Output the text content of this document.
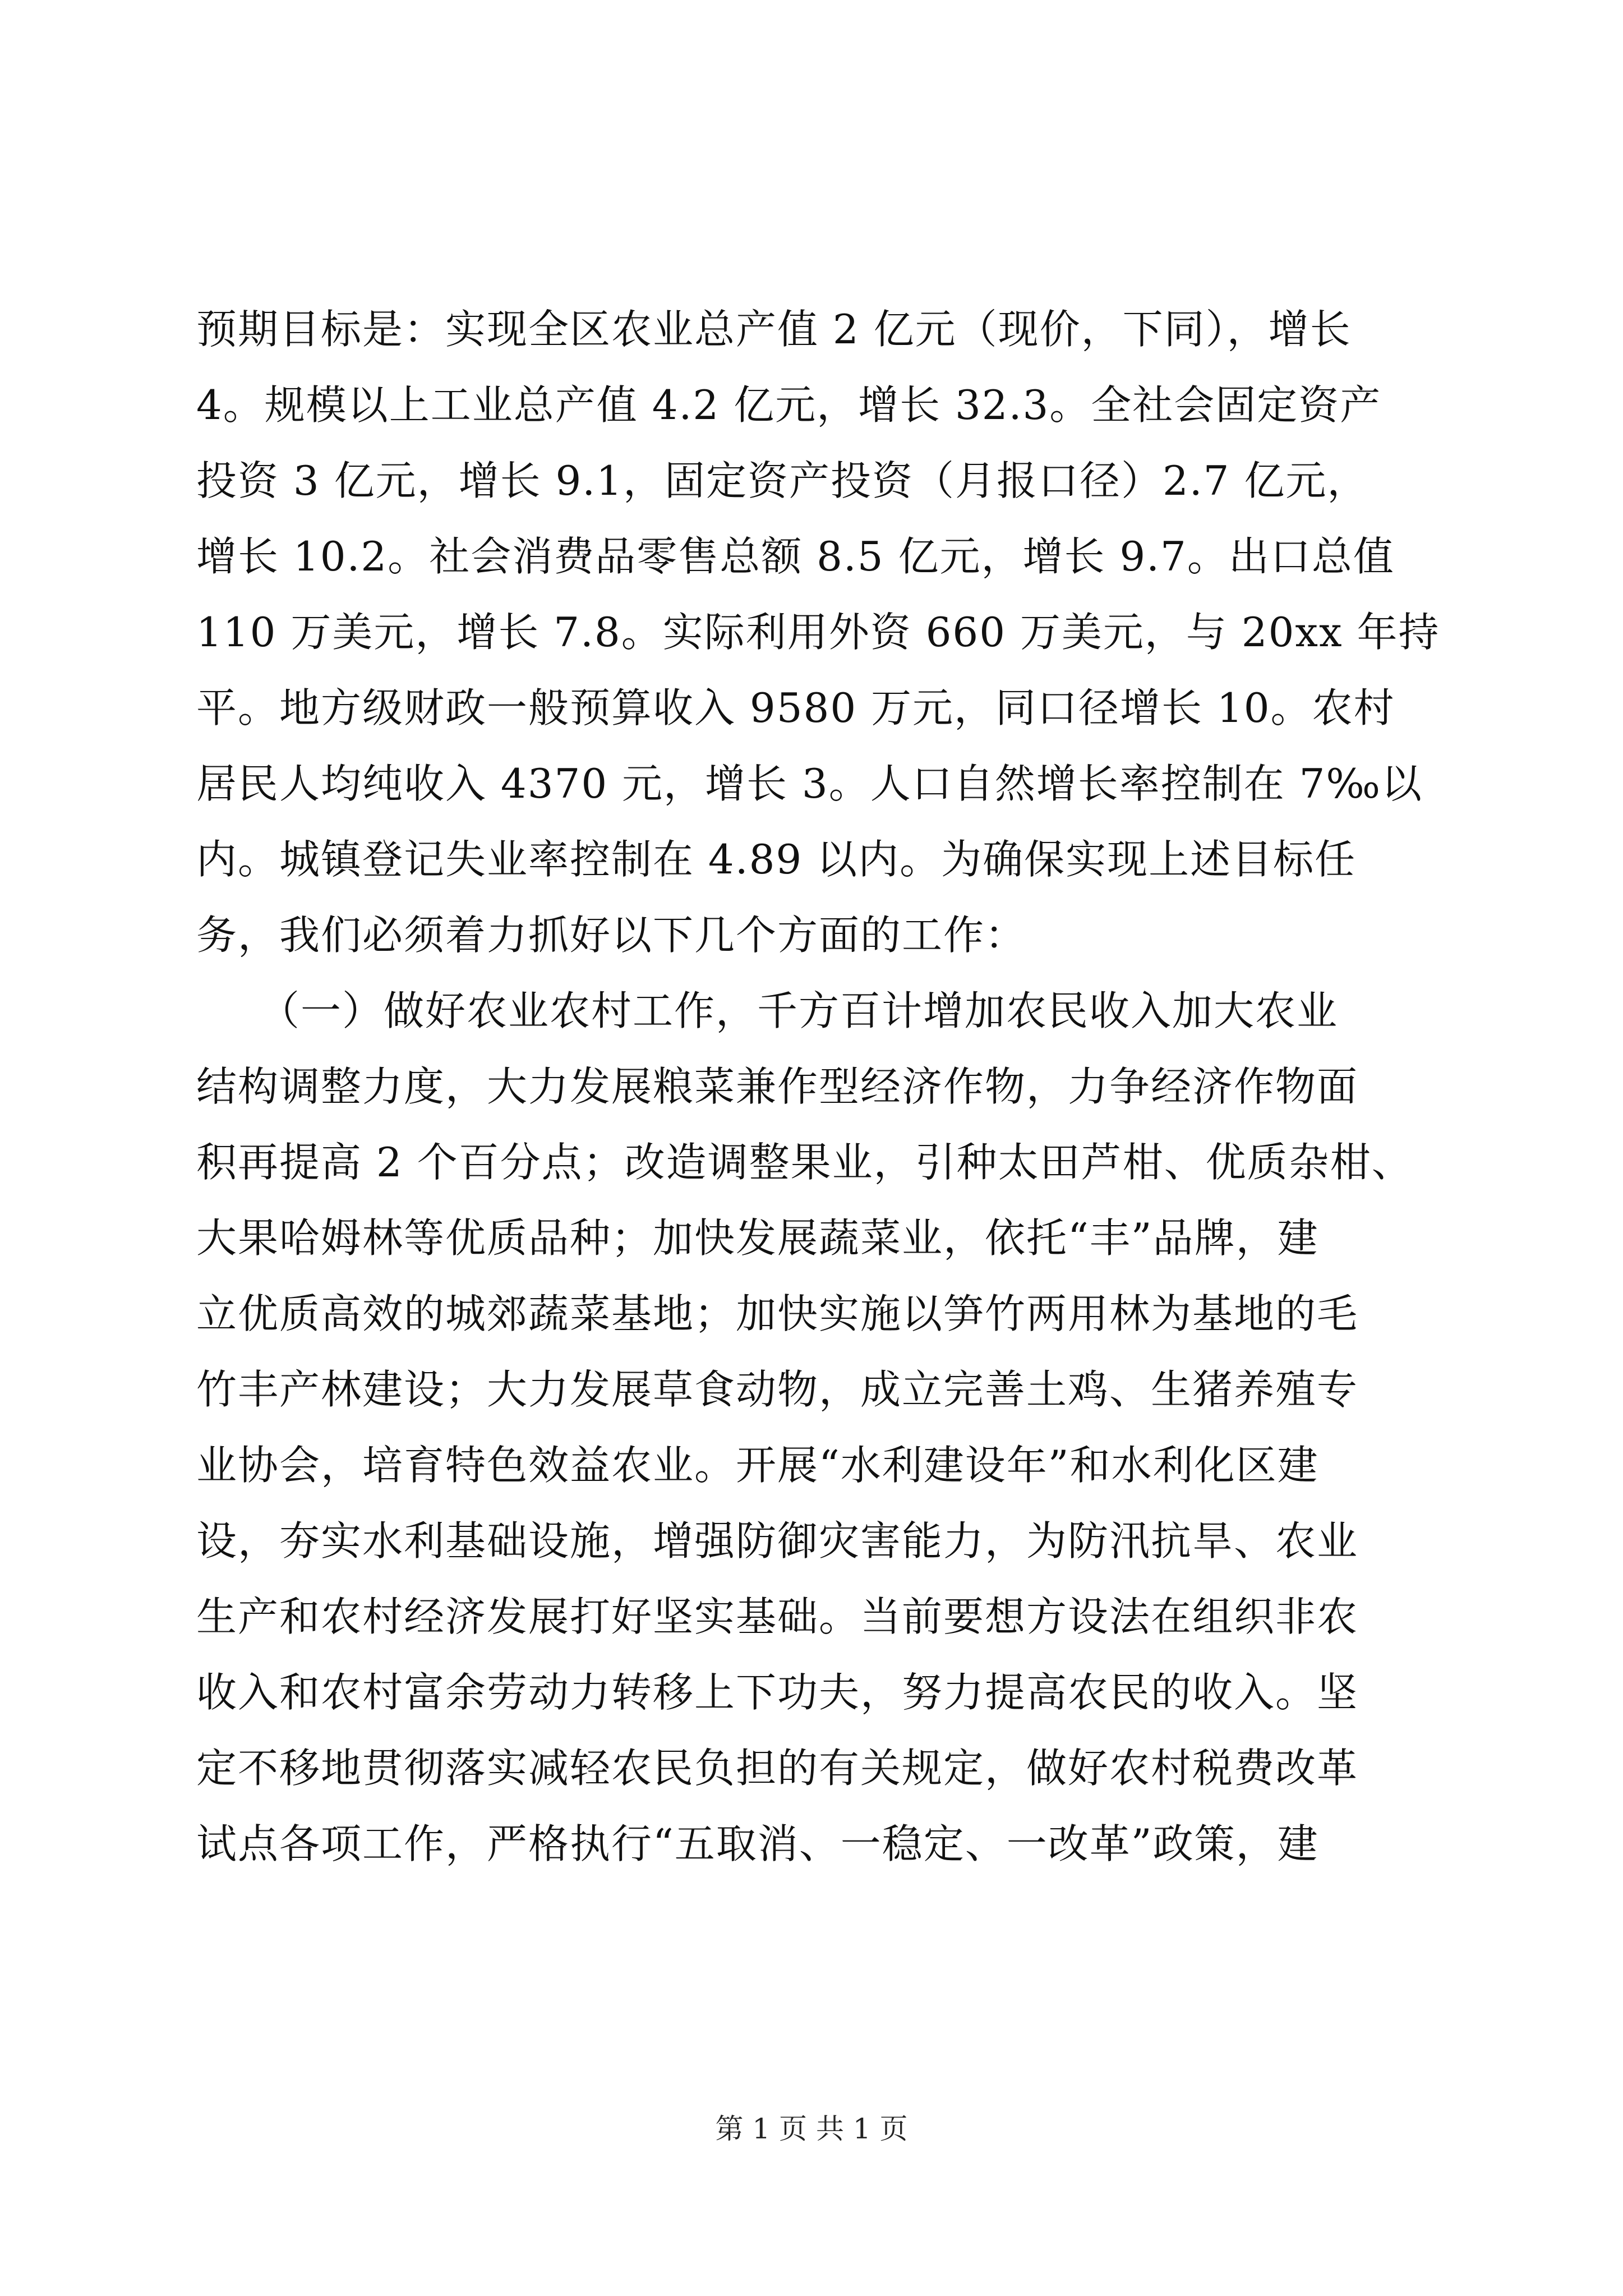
预期目标是：实现全区农业总产值 2 亿元（现价，下同），增长
4。规模以上工业总产值 4.2 亿元，增长 32.3。全社会固定资产
投资 3 亿元，增长 9.1，固定资产投资（月报口径）2.7 亿元，
增长 10.2。社会消费品零售总额 8.5 亿元，增长 9.7。出口总值
110 万美元，增长 7.8。实际利用外资 660 万美元，与 20xx 年持
平。地方级财政一般预算收入 9580 万元，同口径增长 10。农村
居民人均纯收入 4370 元，增长 3。人口自然增长率控制在 7‰以
内。城镇登记失业率控制在 4.89 以内。为确保实现上述目标任
务，我们必须着力抓好以下几个方面的工作：
　　（一）做好农业农村工作，千方百计增加农民收入加大农业
结构调整力度，大力发展粮菜兼作型经济作物，力争经济作物面
积再提高 2 个百分点；改造调整果业，引种太田芦柑、优质杂柑、
大果哈姆林等优质品种；加快发展蔬菜业，依托“丰”品牌，建
立优质高效的城郊蔬菜基地；加快实施以笋竹两用林为基地的毛
竹丰产林建设；大力发展草食动物，成立完善土鸡、生猪养殖专
业协会，培育特色效益农业。开展“水利建设年”和水利化区建
设，夯实水利基础设施，增强防御灾害能力，为防汛抗旱、农业
生产和农村经济发展打好坚实基础。当前要想方设法在组织非农
收入和农村富余劳动力转移上下功夫，努力提高农民的收入。坚
定不移地贯彻落实减轻农民负担的有关规定，做好农村税费改革
试点各项工作，严格执行“五取消、一稳定、一改革”政策，建
第 1 页 共 1 页
